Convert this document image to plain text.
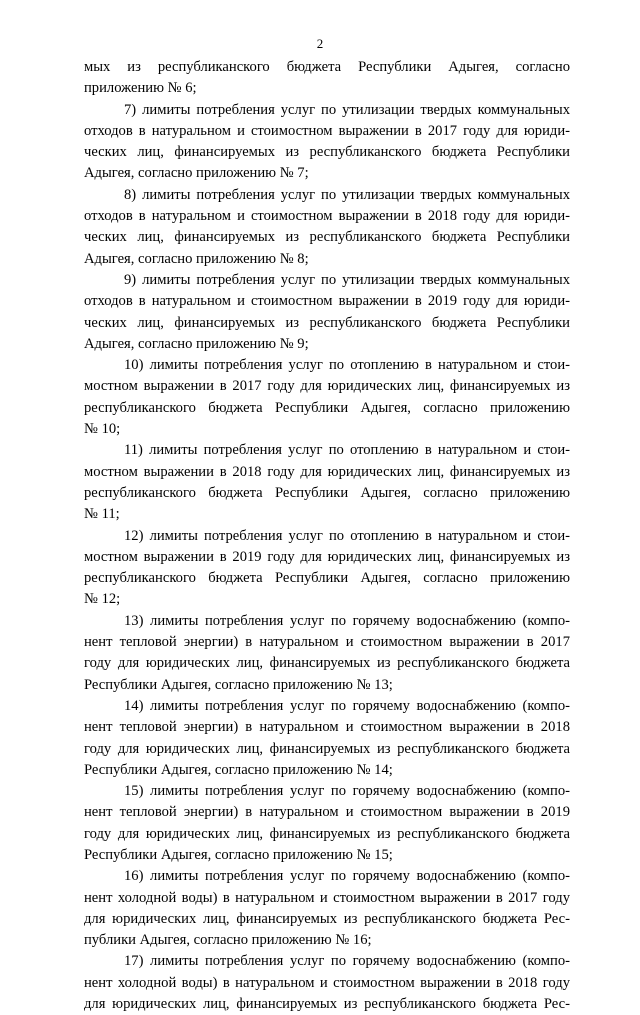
2
мых из республиканского бюджета Республики Адыгея, согласно
приложению № 6;
7) лимиты потребления услуг по утилизации твердых коммунальных
отходов в натуральном и стоимостном выражении в 2017 году для юриди-
ческих лиц, финансируемых из республиканского бюджета Республики
Адыгея, согласно приложению № 7;
8) лимиты потребления услуг по утилизации твердых коммунальных
отходов в натуральном и стоимостном выражении в 2018 году для юриди-
ческих лиц, финансируемых из республиканского бюджета Республики
Адыгея, согласно приложению № 8;
9) лимиты потребления услуг по утилизации твердых коммунальных
отходов в натуральном и стоимостном выражении в 2019 году для юриди-
ческих лиц, финансируемых из республиканского бюджета Республики
Адыгея, согласно приложению № 9;
10) лимиты потребления услуг по отоплению в натуральном и стои-
мостном выражении в 2017 году для юридических лиц, финансируемых из
республиканского бюджета Республики Адыгея, согласно приложению
№ 10;
11) лимиты потребления услуг по отоплению в натуральном и стои-
мостном выражении в 2018 году для юридических лиц, финансируемых из
республиканского бюджета Республики Адыгея, согласно приложению
№ 11;
12) лимиты потребления услуг по отоплению в натуральном и стои-
мостном выражении в 2019 году для юридических лиц, финансируемых из
республиканского бюджета Республики Адыгея, согласно приложению
№ 12;
13) лимиты потребления услуг по горячему водоснабжению (компо-
нент тепловой энергии) в натуральном и стоимостном выражении в 2017
году для юридических лиц, финансируемых из республиканского бюджета
Республики Адыгея, согласно приложению № 13;
14) лимиты потребления услуг по горячему водоснабжению (компо-
нент тепловой энергии) в натуральном и стоимостном выражении в 2018
году для юридических лиц, финансируемых из республиканского бюджета
Республики Адыгея, согласно приложению № 14;
15) лимиты потребления услуг по горячему водоснабжению (компо-
нент тепловой энергии) в натуральном и стоимостном выражении в 2019
году для юридических лиц, финансируемых из республиканского бюджета
Республики Адыгея, согласно приложению № 15;
16) лимиты потребления услуг по горячему водоснабжению (компо-
нент холодной воды) в натуральном и стоимостном выражении в 2017 году
для юридических лиц, финансируемых из республиканского бюджета Рес-
публики Адыгея, согласно приложению № 16;
17) лимиты потребления услуг по горячему водоснабжению (компо-
нент холодной воды) в натуральном и стоимостном выражении в 2018 году
для юридических лиц, финансируемых из республиканского бюджета Рес-
